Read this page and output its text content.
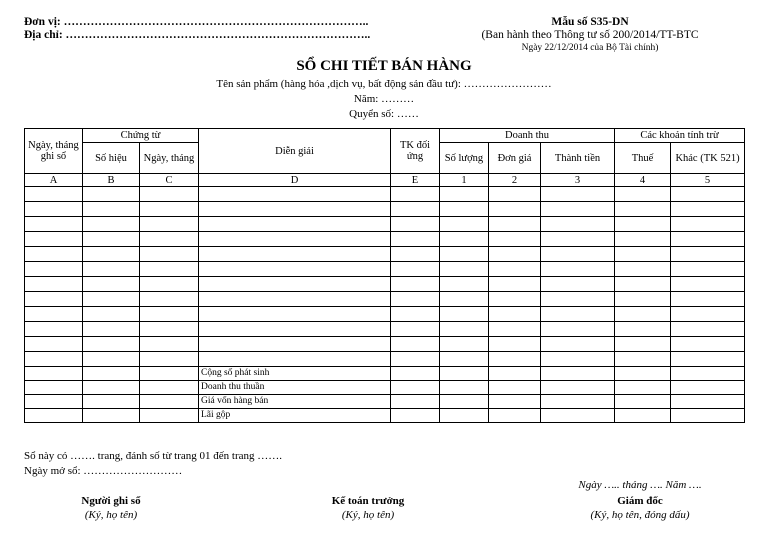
Đơn vị: ……………………………………………………………………..
Địa chỉ: ……………………………………………………………………..
Mẫu số S35-DN
(Ban hành theo Thông tư số 200/2014/TT-BTC
Ngày 22/12/2014 của Bộ Tài chính)
SỔ CHI TIẾT BÁN HÀNG
Tên sản phẩm (hàng hóa ,dịch vụ, bất động sản đầu tư): ……………………
Năm: ………
Quyển số: ……
Ngày, tháng ghi sổ	Chứng từ		Diễn giải	TK đối ứng	Doanh thu			Các khoản tính trừ	
	Số hiệu	Ngày, tháng			Số lượng	Đơn giá	Thành tiền	Thuế	Khác (TK 521)
A	B	C	D	E	1	2	3	4	5

			Cộng số phát sinh						
			Doanh thu thuần						
			Giá vốn hàng bán						
			Lãi gộp						
Sổ này có ……. trang, đánh số từ trang 01 đến trang …….
Ngày mở sổ: ………………………
Ngày ….. tháng …. Năm ….
Người ghi sổ
(Ký, họ tên)
Kế toán trưởng
(Ký, họ tên)
Giám đốc
(Ký, họ tên, đóng dấu)
